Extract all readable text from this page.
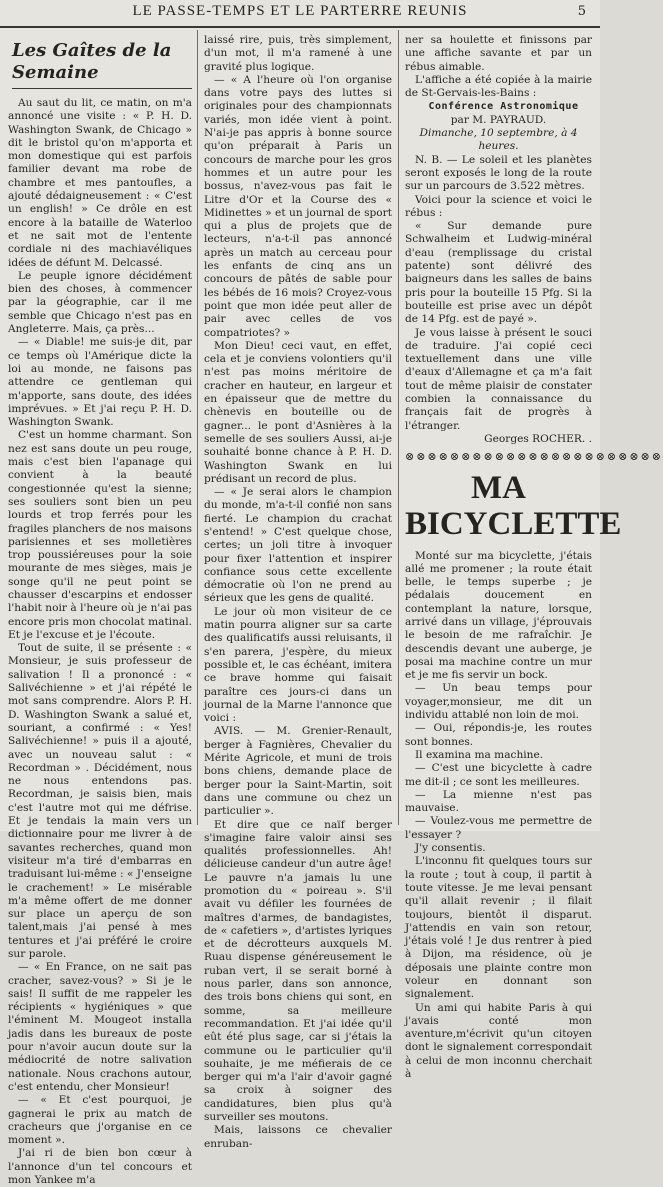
LE PASSE-TEMPS ET LE PARTERRE REUNIS	5
Les Gaîtes de la Semaine

Au saut du lit, ce matin, on m'a annoncé une visite : « P. H. D. Washington Swank, de Chicago » dit le bristol qu'on m'apporta et mon domestique qui est parfois familier devant ma robe de chambre et mes pantoufles, a ajouté dédaigneusement : « C'est un english! » Ce drôle en est encore à la bataille de Waterloo et ne sait mot de l'entente cordiale ni des machiavéliques idées de défunt M. Delcassé.

Le peuple ignore décidément bien des choses, à commencer par la géographie, car il me semble que Chicago n'est pas en Angleterre. Mais, ça près...

— « Diable! me suis-je dit, par ce temps où l'Amérique dicte la loi au monde, ne faisons pas attendre ce gentleman qui m'apporte, sans doute, des idées imprévues. » Et j'ai reçu P. H. D. Washington Swank.

C'est un homme charmant. Son nez est sans doute un peu rouge, mais c'est bien l'apanage qui convient à la beauté congestionnée qu'est la sienne; ses souliers sont bien un peu lourds et trop ferrés pour les fragiles planchers de nos maisons parisiennes et ses molletières trop poussiéreuses pour la soie mourante de mes sièges, mais je songe qu'il ne peut point se chausser d'escarpins et endosser l'habit noir à l'heure où je n'ai pas encore pris mon chocolat matinal. Et je l'excuse et je l'écoute.

Tout de suite, il se présente : « Monsieur, je suis professeur de salivation ! Il a prononcé : « Salivéchienne » et j'ai répété le mot sans comprendre. Alors P. H. D. Washington Swank a salué et, souriant, a confirmé : « Yes! Salivéchienne! » puis il a ajouté, avec un nouveau salut : « Recordman » . Décidément, nous ne nous entendons pas. Recordman, je saisis bien, mais c'est l'autre mot qui me défrise. Et je tendais la main vers un dictionnaire pour me livrer à de savantes recherches, quand mon visiteur m'a tiré d'embarras en traduisant lui-même : « J'enseigne le crachement! » Le misérable m'a même offert de me donner sur place un aperçu de son talent,mais j'ai pensé à mes tentures et j'ai préféré le croire sur parole.

— « En France, on ne sait pas cracher, savez-vous? » Si je le sais! Il suffit de me rappeler les récipients « hygiéniques » que l'éminent M. Mougeot installa jadis dans les bureaux de poste pour n'avoir aucun doute sur la médiocrité de notre salivation nationale. Nous crachons autour, c'est entendu, cher Monsieur!

— « Et c'est pourquoi, je gagnerai le prix au match de cracheurs que j'organise en ce moment ».

J'ai ri de bien bon cœur à l'annonce d'un tel concours et mon Yankee m'a

laissé rire, puis, très simplement, d'un mot, il m'a ramené à une gravité plus logique.

— « A l'heure où l'on organise dans votre pays des luttes si originales pour des championnats variés, mon idée vient à point. N'ai-je pas appris à bonne source qu'on préparait à Paris un concours de marche pour les gros hommes et un autre pour les bossus, n'avez-vous pas fait le Litre d'Or et la Course des « Midinettes » et un journal de sport qui a plus de projets que de lecteurs, n'a-t-il pas annoncé après un match au cerceau pour les enfants de cinq ans un concours de pâtés de sable pour les bébés de 16 mois? Croyez-vous point que mon idée peut aller de pair avec celles de vos compatriotes? »

Mon Dieu! ceci vaut, en effet, cela et je conviens volontiers qu'il n'est pas moins méritoire de cracher en hauteur, en largeur et en épaisseur que de mettre du chènevis en bouteille ou de gagner... le pont d'Asnières à la semelle de ses souliers Aussi, ai-je souhaité bonne chance à P. H. D. Washington Swank en lui prédisant un record de plus.

— « Je serai alors le champion du monde, m'a-t-il confié non sans fierté. Le champion du crachat s'entend! » C'est quelque chose, certes; un joli titre à invoquer pour fixer l'attention et inspirer confiance sous cette excellente démocratie où l'on ne prend au sérieux que les gens de qualité.

Le jour où mon visiteur de ce matin pourra aligner sur sa carte des qualificatifs aussi reluisants, il s'en parera, j'espère, du mieux possible et, le cas échéant, imitera ce brave homme qui faisait paraître ces jours-ci dans un journal de la Marne l'annonce que voici :

AVIS. — M. Grenier-Renault, berger à Fagnières, Chevalier du Mérite Agricole, et muni de trois bons chiens, demande place de berger pour la Saint-Martin, soit dans une commune ou chez un particulier ».

Et dire que ce naïf berger s'imagine faire valoir ainsi ses qualités professionnelles. Ah! délicieuse candeur d'un autre âge! Le pauvre n'a jamais lu une promotion du « poireau ». S'il avait vu défiler les fournées de maîtres d'armes, de bandagistes, de « cafetiers », d'artistes lyriques et de décrotteurs auxquels M. Ruau dispense généreusement le ruban vert, il se serait borné à nous parler, dans son annonce, des trois bons chiens qui sont, en somme, sa meilleure recommandation. Et j'ai idée qu'il eût été plus sage, car si j'étais la commune ou le particulier qu'il souhaite, je me méfierais de ce berger qui m'a l'air d'avoir gagné sa croix à soigner des candidatures, bien plus qu'à surveiller ses moutons.

Mais, laissons ce chevalier enruban-

ner sa houlette et finissons par une affiche savante et par un rébus aimable.

L'affiche a été copiée à la mairie de St-Gervais-les-Bains :

Conférence Astronomique

par M. PAYRAUD.

Dimanche, 10 septembre, à 4 heures.

N. B. — Le soleil et les planètes seront exposés le long de la route sur un parcours de 3.522 mètres.

Voici pour la science et voici le rébus :

« Sur demande pure Schwalheim et Ludwig-minéral d'eau (remplissage du cristal patente) sont délivré des baigneurs dans les salles de bains pris pour la bouteille 15 Pfg. Si la bouteille est prise avec un dépôt de 14 Pfg. est de payé ».

Je vous laisse à présent le souci de traduire. J'ai copié ceci textuellement dans une ville d'eaux d'Allemagne et ça m'a fait tout de même plaisir de constater combien la connaissance du français fait de progrès à l'étranger.

Georges ROCHER. .

⊗⊗⊗⊗⊗⊗⊗⊗⊗⊗⊗⊗⊗⊗⊗⊗⊗⊗⊗⊗⊗⊗⊗
MA BICYCLETTE

Monté sur ma bicyclette, j'étais allé me promener ; la route était belle, le temps superbe ; je pédalais doucement en contemplant la nature, lorsque, arrivé dans un village, j'éprouvais le besoin de me rafraîchir. Je descendis devant une auberge, je posai ma machine contre un mur et je me fis servir un bock.

— Un beau temps pour voyager,monsieur, me dit un individu attablé non loin de moi.

— Oui, répondis-je, les routes sont bonnes.

Il examina ma machine.

— C'est une bicyclette à cadre me dit-il ; ce sont les meilleures.

— La mienne n'est pas mauvaise.

— Voulez-vous me permettre de l'essayer ?

J'y consentis.

L'inconnu fit quelques tours sur la route ; tout à coup, il partit à toute vitesse. Je me levai pensant qu'il allait revenir ; il filait toujours, bientôt il disparut. J'attendis en vain son retour, j'étais volé ! Je dus rentrer à pied à Dijon, ma résidence, où je déposais une plainte contre mon voleur en donnant son signalement.

Un ami qui habite Paris à qui j'avais conté mon aventure,m'écrivit qu'un citoyen dont le signalement correspondait à celui de mon inconnu cherchait à
